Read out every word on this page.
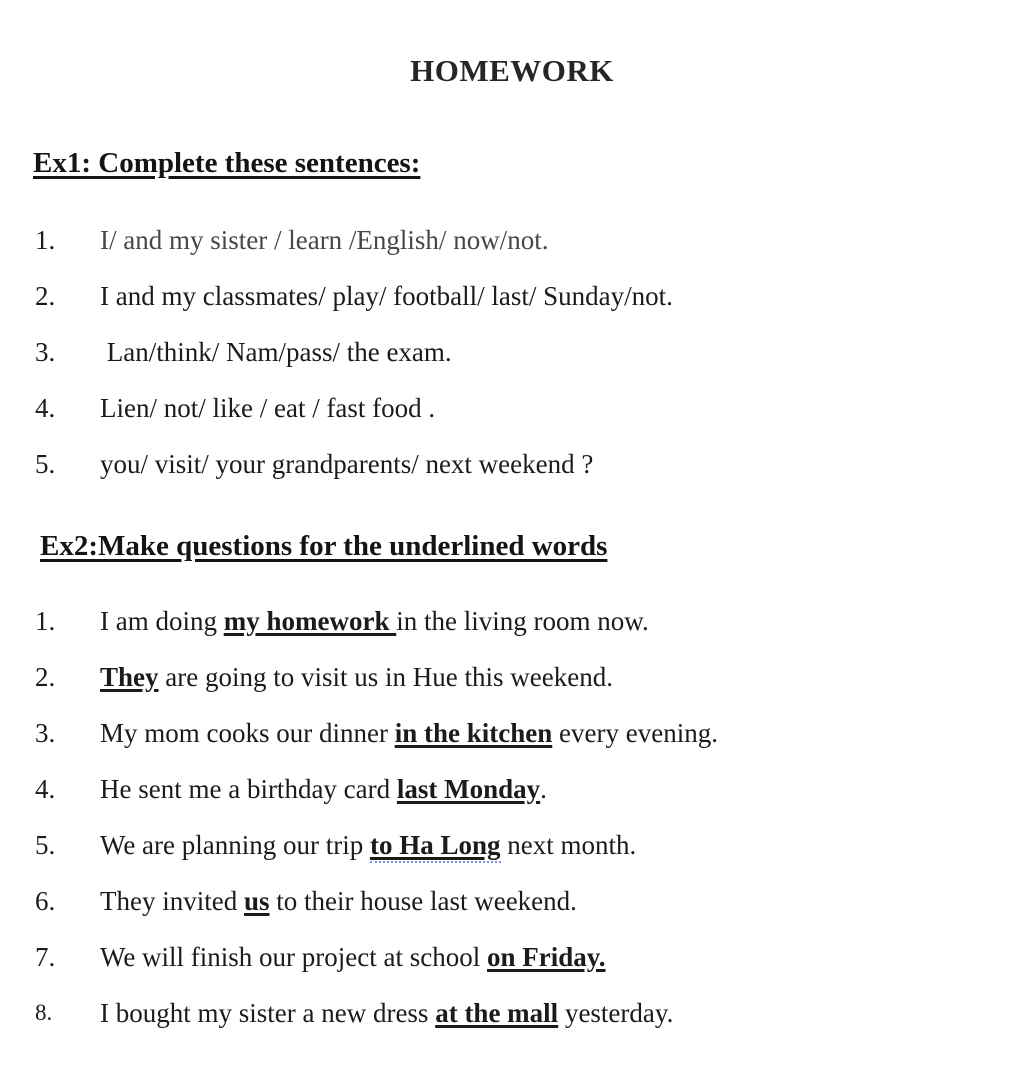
HOMEWORK
Ex1: Complete these sentences:
1.	I/ and my sister / learn /English/ now/not.
2.	I and my classmates/ play/ football/ last/ Sunday/not.
3.	Lan/think/ Nam/pass/ the exam.
4.	Lien/ not/ like / eat / fast food .
5.	you/ visit/ your grandparents/ next weekend ?
Ex2:Make questions for the underlined words
1.	I am doing my homework in the living room now.
2.	They are going to visit us in Hue this weekend.
3.	My mom cooks our dinner in the kitchen every evening.
4.	He sent me a birthday card last Monday.
5.	We are planning our trip to Ha Long next month.
6.	They invited us to their house last weekend.
7.	We will finish our project at school on Friday.
8.	I bought my sister a new dress at the mall yesterday.
